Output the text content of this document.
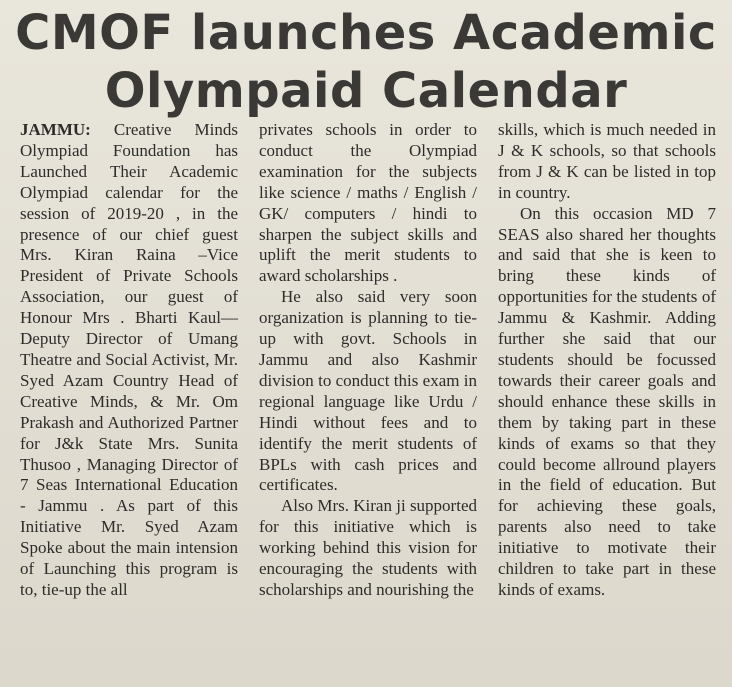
CMOF launches Academic
Olympaid Calendar

JAMMU: Creative Minds Olympiad Foundation has Launched Their Academic Olympiad calendar for the session of 2019-20 , in the presence of our chief guest Mrs. Kiran Raina –Vice President of Private Schools Association, our guest of Honour Mrs . Bharti Kaul—Deputy Director of Umang Theatre and Social Activist, Mr. Syed Azam Country Head of Creative Minds, & Mr. Om Prakash and Authorized Partner for J&k State Mrs. Sunita Thusoo , Managing Director of 7 Seas International Education - Jammu . As part of this Initiative Mr. Syed Azam Spoke about the main intension of Launching this program is to, tie-up the all

privates schools in order to conduct the Olympiad examination for the subjects like science / maths / English / GK/ computers / hindi to sharpen the subject skills and uplift the merit students to award scholarships .

He also said very soon organization is planning to tie-up with govt. Schools in Jammu and also Kashmir division to conduct this exam in regional language like Urdu / Hindi without fees and to identify the merit students of BPLs with cash prices and certificates.

Also Mrs. Kiran ji supported for this initiative which is working behind this vision for encouraging the students with scholarships and nourishing the

skills, which is much needed in J & K schools, so that schools from J & K can be listed in top in country.

On this occasion MD 7 SEAS also shared her thoughts and said that she is keen to bring these kinds of opportunities for the students of Jammu & Kashmir. Adding further she said that our students should be focussed towards their career goals and should enhance these skills in them by taking part in these kinds of exams so that they could become allround players in the field of education. But for achieving these goals, parents also need to take initiative to motivate their children to take part in these kinds of exams.
